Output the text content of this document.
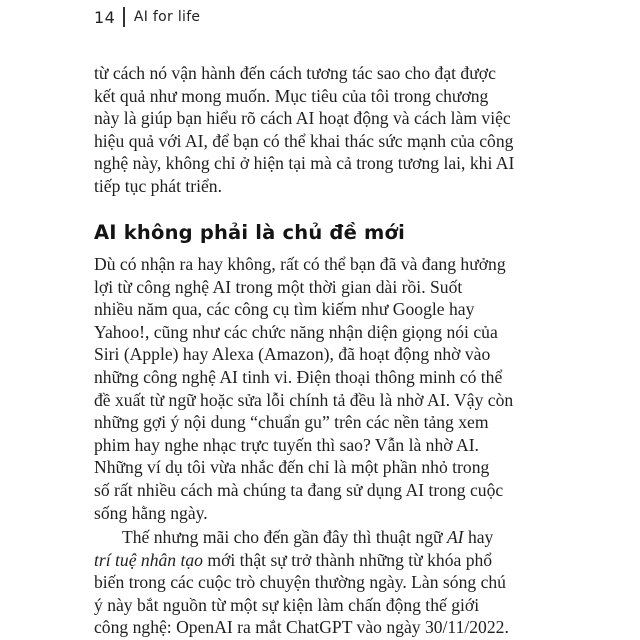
14 AI for life
từ cách nó vận hành đến cách tương tác sao cho đạt được
kết quả như mong muốn. Mục tiêu của tôi trong chương
này là giúp bạn hiểu rõ cách AI hoạt động và cách làm việc
hiệu quả với AI, để bạn có thể khai thác sức mạnh của công
nghệ này, không chỉ ở hiện tại mà cả trong tương lai, khi AI
tiếp tục phát triển.
AI không phải là chủ đề mới
Dù có nhận ra hay không, rất có thể bạn đã và đang hưởng
lợi từ công nghệ AI trong một thời gian dài rồi. Suốt
nhiều năm qua, các công cụ tìm kiếm như Google hay
Yahoo!, cũng như các chức năng nhận diện giọng nói của
Siri (Apple) hay Alexa (Amazon), đã hoạt động nhờ vào
những công nghệ AI tinh vi. Điện thoại thông minh có thể
đề xuất từ ngữ hoặc sửa lỗi chính tả đều là nhờ AI. Vậy còn
những gợi ý nội dung “chuẩn gu” trên các nền tảng xem
phim hay nghe nhạc trực tuyến thì sao? Vẫn là nhờ AI.
Những ví dụ tôi vừa nhắc đến chỉ là một phần nhỏ trong
số rất nhiều cách mà chúng ta đang sử dụng AI trong cuộc
sống hằng ngày.
Thế nhưng mãi cho đến gần đây thì thuật ngữ AI hay
trí tuệ nhân tạo mới thật sự trở thành những từ khóa phổ
biến trong các cuộc trò chuyện thường ngày. Làn sóng chú
ý này bắt nguồn từ một sự kiện làm chấn động thế giới
công nghệ: OpenAI ra mắt ChatGPT vào ngày 30/11/2022.
